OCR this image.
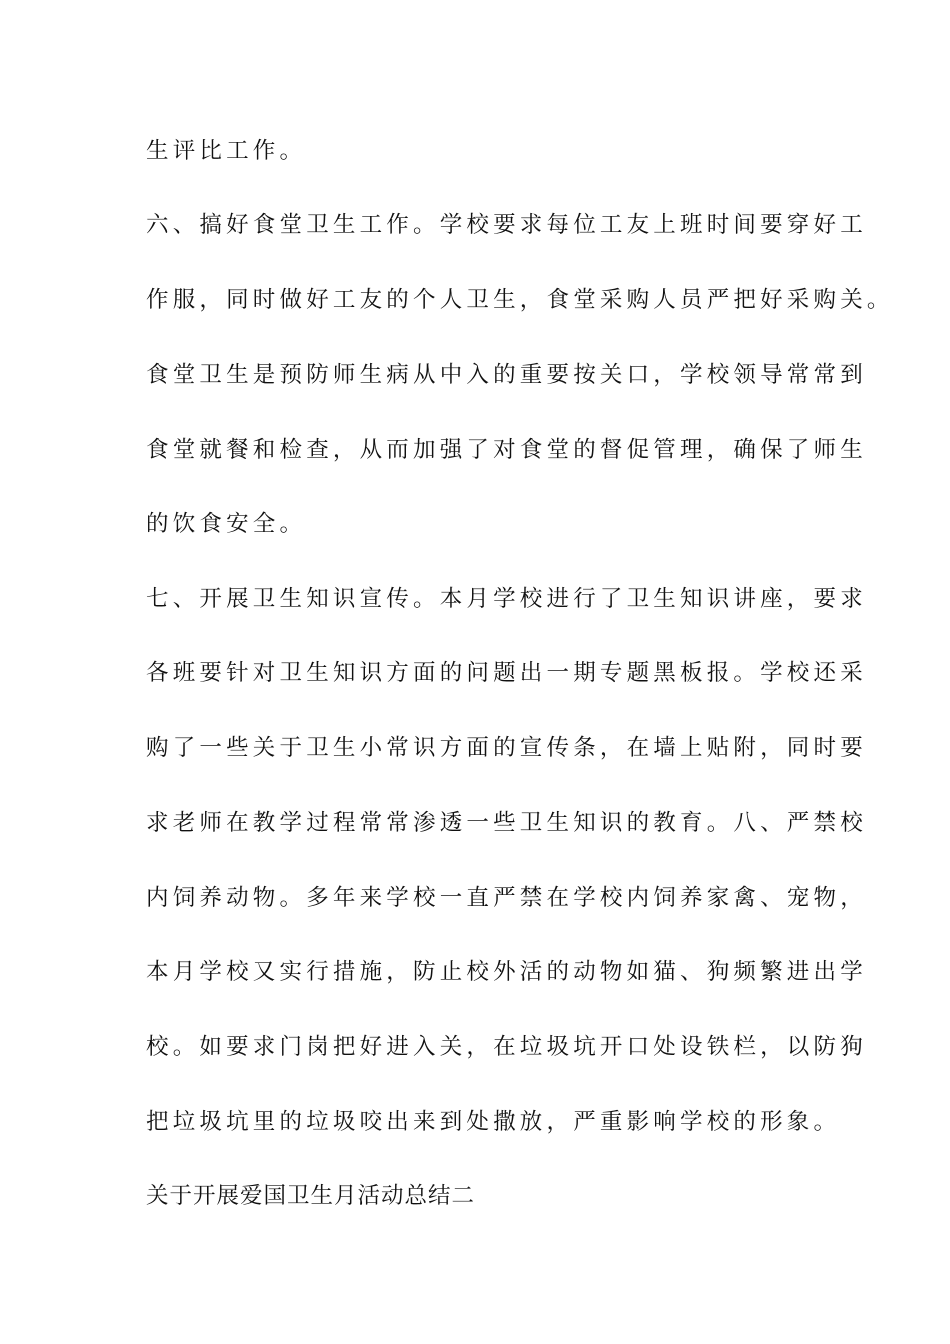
生评比工作。
六、搞好食堂卫生工作。学校要求每位工友上班时间要穿好工
作服，同时做好工友的个人卫生，食堂采购人员严把好采购关。
食堂卫生是预防师生病从中入的重要按关口，学校领导常常到
食堂就餐和检查，从而加强了对食堂的督促管理，确保了师生
的饮食安全。
七、开展卫生知识宣传。本月学校进行了卫生知识讲座，要求
各班要针对卫生知识方面的问题出一期专题黑板报。学校还采
购了一些关于卫生小常识方面的宣传条，在墙上贴附，同时要
求老师在教学过程常常渗透一些卫生知识的教育。八、严禁校
内饲养动物。多年来学校一直严禁在学校内饲养家禽、宠物，
本月学校又实行措施，防止校外活的动物如猫、狗频繁进出学
校。如要求门岗把好进入关，在垃圾坑开口处设铁栏，以防狗
把垃圾坑里的垃圾咬出来到处撒放，严重影响学校的形象。
关于开展爱国卫生月活动总结二
